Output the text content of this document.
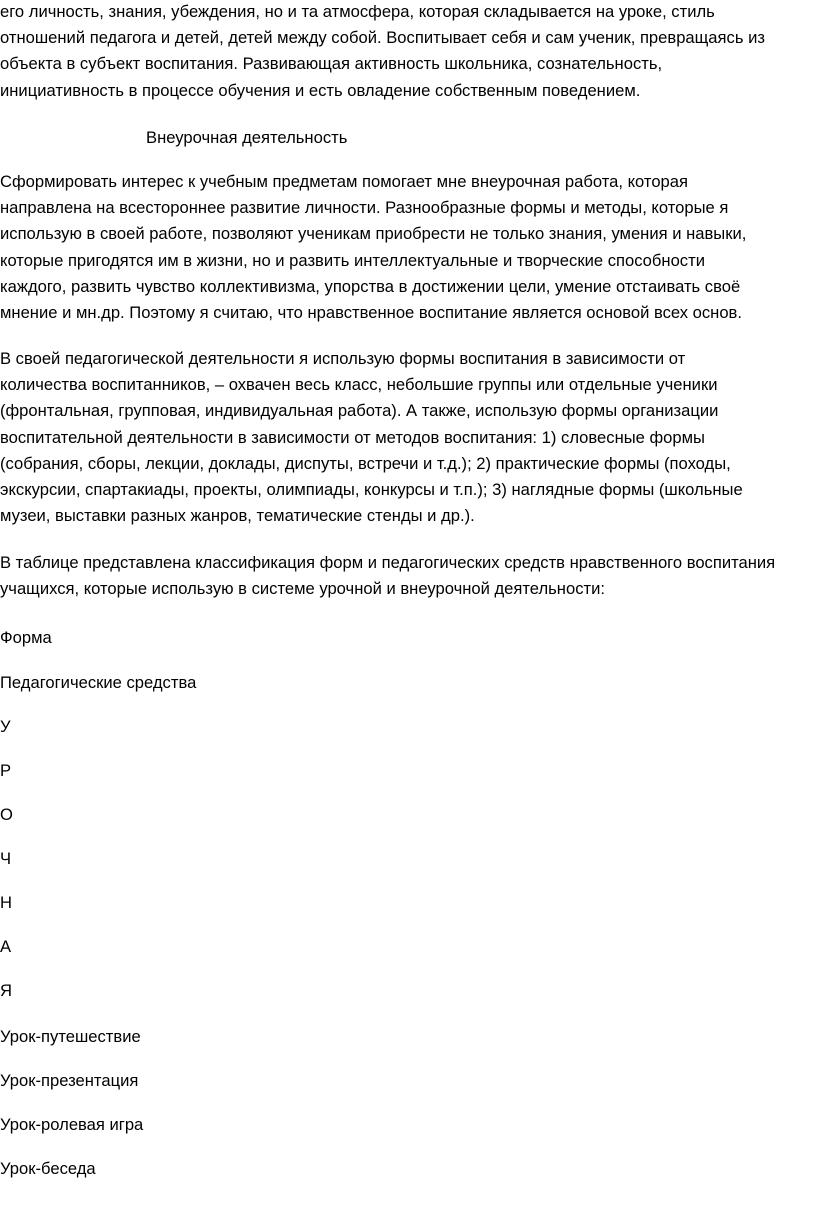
его личность, знания, убеждения, но и та атмосфера, которая складывается на уроке, стиль
отношений педагога и детей, детей между собой. Воспитывает себя и сам ученик, превращаясь из
объекта в субъект воспитания. Развивающая активность школьника, сознательность,
инициативность в процессе обучения и есть овладение собственным поведением.

Внеурочная деятельность

Сформировать интерес к учебным предметам помогает мне внеурочная работа, которая
направлена на всестороннее развитие личности. Разнообразные формы и методы, которые я
использую в своей работе, позволяют ученикам приобрести не только знания, умения и навыки,
которые пригодятся им в жизни, но и развить интеллектуальные и творческие способности
каждого, развить чувство коллективизма, упорства в достижении цели, умение отстаивать своё
мнение и мн.др. Поэтому я считаю, что нравственное воспитание является основой всех основ.

В своей педагогической деятельности я использую формы воспитания в зависимости от
количества воспитанников, – охвачен весь класс, небольшие группы или отдельные ученики
(фронтальная, групповая, индивидуальная работа). А также, использую формы организации
воспитательной деятельности в зависимости от методов воспитания: 1) словесные формы
(собрания, сборы, лекции, доклады, диспуты, встречи и т.д.); 2) практические формы (походы,
экскурсии, спартакиады, проекты, олимпиады, конкурсы и т.п.); 3) наглядные формы (школьные
музеи, выставки разных жанров, тематические стенды и др.).

В таблице представлена классификация форм и педагогических средств нравственного воспитания
учащихся, которые использую в системе урочной и внеурочной деятельности:

Форма

Педагогические средства

У

Р

О

Ч

Н

А

Я

Урок-путешествие

Урок-презентация

Урок-ролевая игра

Урок-беседа
